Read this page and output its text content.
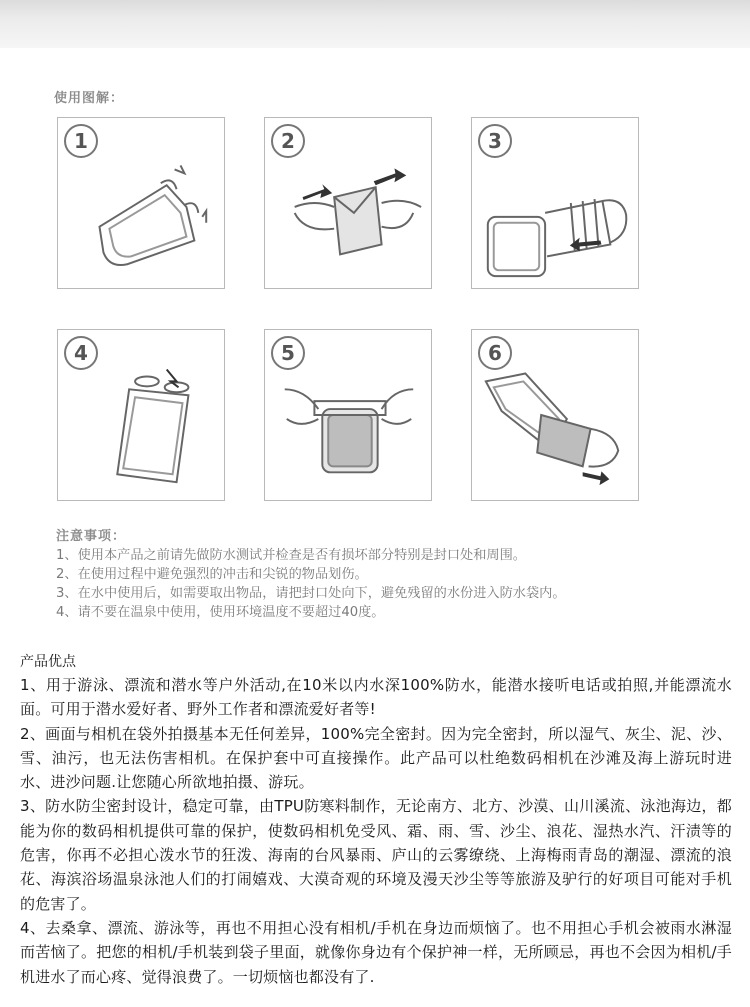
使用图解：
1	2	3
4	5	6
注意事项：
1、使用本产品之前请先做防水测试并检查是否有损坏部分特别是封口处和周围。
2、在使用过程中避免强烈的冲击和尖锐的物品划伤。
3、在水中使用后，如需要取出物品，请把封口处向下，避免残留的水份进入防水袋内。
4、请不要在温泉中使用，使用环境温度不要超过40度。
产品优点
1、用于游泳、漂流和潜水等户外活动,在10米以内水深100%防水，能潜水接听电话或拍照,并能漂流水面。可用于潜水爱好者、野外工作者和漂流爱好者等!
2、画面与相机在袋外拍摄基本无任何差异，100%完全密封。因为完全密封，所以湿气、灰尘、泥、沙、雪、油污，也无法伤害相机。在保护套中可直接操作。此产品可以杜绝数码相机在沙滩及海上游玩时进水、进沙问题.让您随心所欲地拍摄、游玩。
3、防水防尘密封设计，稳定可靠，由TPU防寒料制作，无论南方、北方、沙漠、山川溪流、泳池海边，都能为你的数码相机提供可靠的保护，使数码相机免受风、霜、雨、雪、沙尘、浪花、湿热水汽、汗渍等的危害，你再不必担心泼水节的狂泼、海南的台风暴雨、庐山的云雾缭绕、上海梅雨青岛的潮湿、漂流的浪花、海滨浴场温泉泳池人们的打闹嬉戏、大漠奇观的环境及漫天沙尘等等旅游及驴行的好项目可能对手机的危害了。
4、去桑拿、漂流、游泳等，再也不用担心没有相机/手机在身边而烦恼了。也不用担心手机会被雨水淋湿而苦恼了。把您的相机/手机装到袋子里面，就像你身边有个保护神一样，无所顾忌，再也不会因为相机/手机进水了而心疼、觉得浪费了。一切烦恼也都没有了.
